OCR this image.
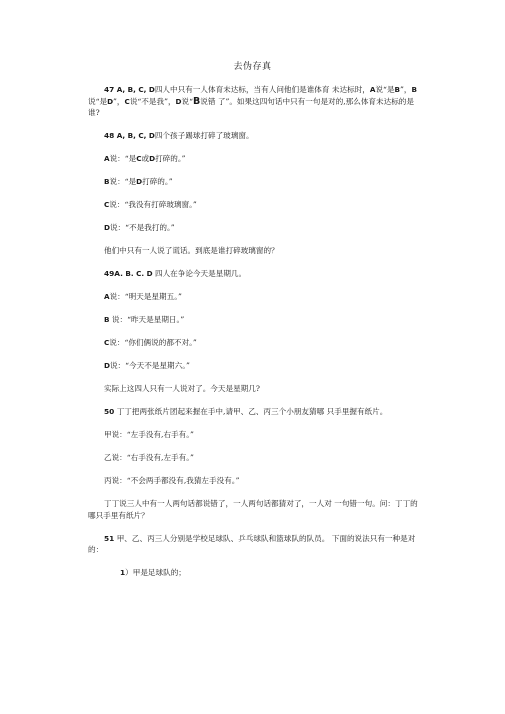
去伪存真

47 A, B, C, D四人中只有一人体育未达标，当有人问他们是谁体育 未达标时，A说“是B”，B说“是D”，C说“不是我”，D说“B说错 了”。如果这四句话中只有一句是对的,那么体育未达标的是谁?

48 A, B, C, D四个孩子踢球打碎了玻璃窗。

A说：“是C或D打碎的。”

B说：“是D打碎的。”

C说：“我没有打碎玻璃窗。”

D说：“不是我打的。”

他们中只有一人说了谎话。到底是谁打碎玻璃窗的？

49A. B. C. D 四人在争论今天是星期几。

A说：“明天是星期五。”

B 说：“昨天是星期日。”

C说：“你们俩说的都不对。”

D说：“今天不是星期六。”

实际上这四人只有一人说对了。今天是星期几?

50 丁丁把两张纸片团起来握在手中,请甲、乙、丙三个小朋友猜哪 只手里握有纸片。

甲说：“左手没有,右手有。”

乙说：“右手没有,左手有。”

丙说：“不会两手都没有,我猜左手没有。”

丁丁说三人中有一人两句话都说错了，一人两句话都猜对了，一人对 一句错一句。问：丁丁的哪只手里有纸片？

51 甲、乙、丙三人分别是学校足球队、乒乓球队和篮球队的队员。 下面的说法只有一种是对的：

1）甲是足球队的；
